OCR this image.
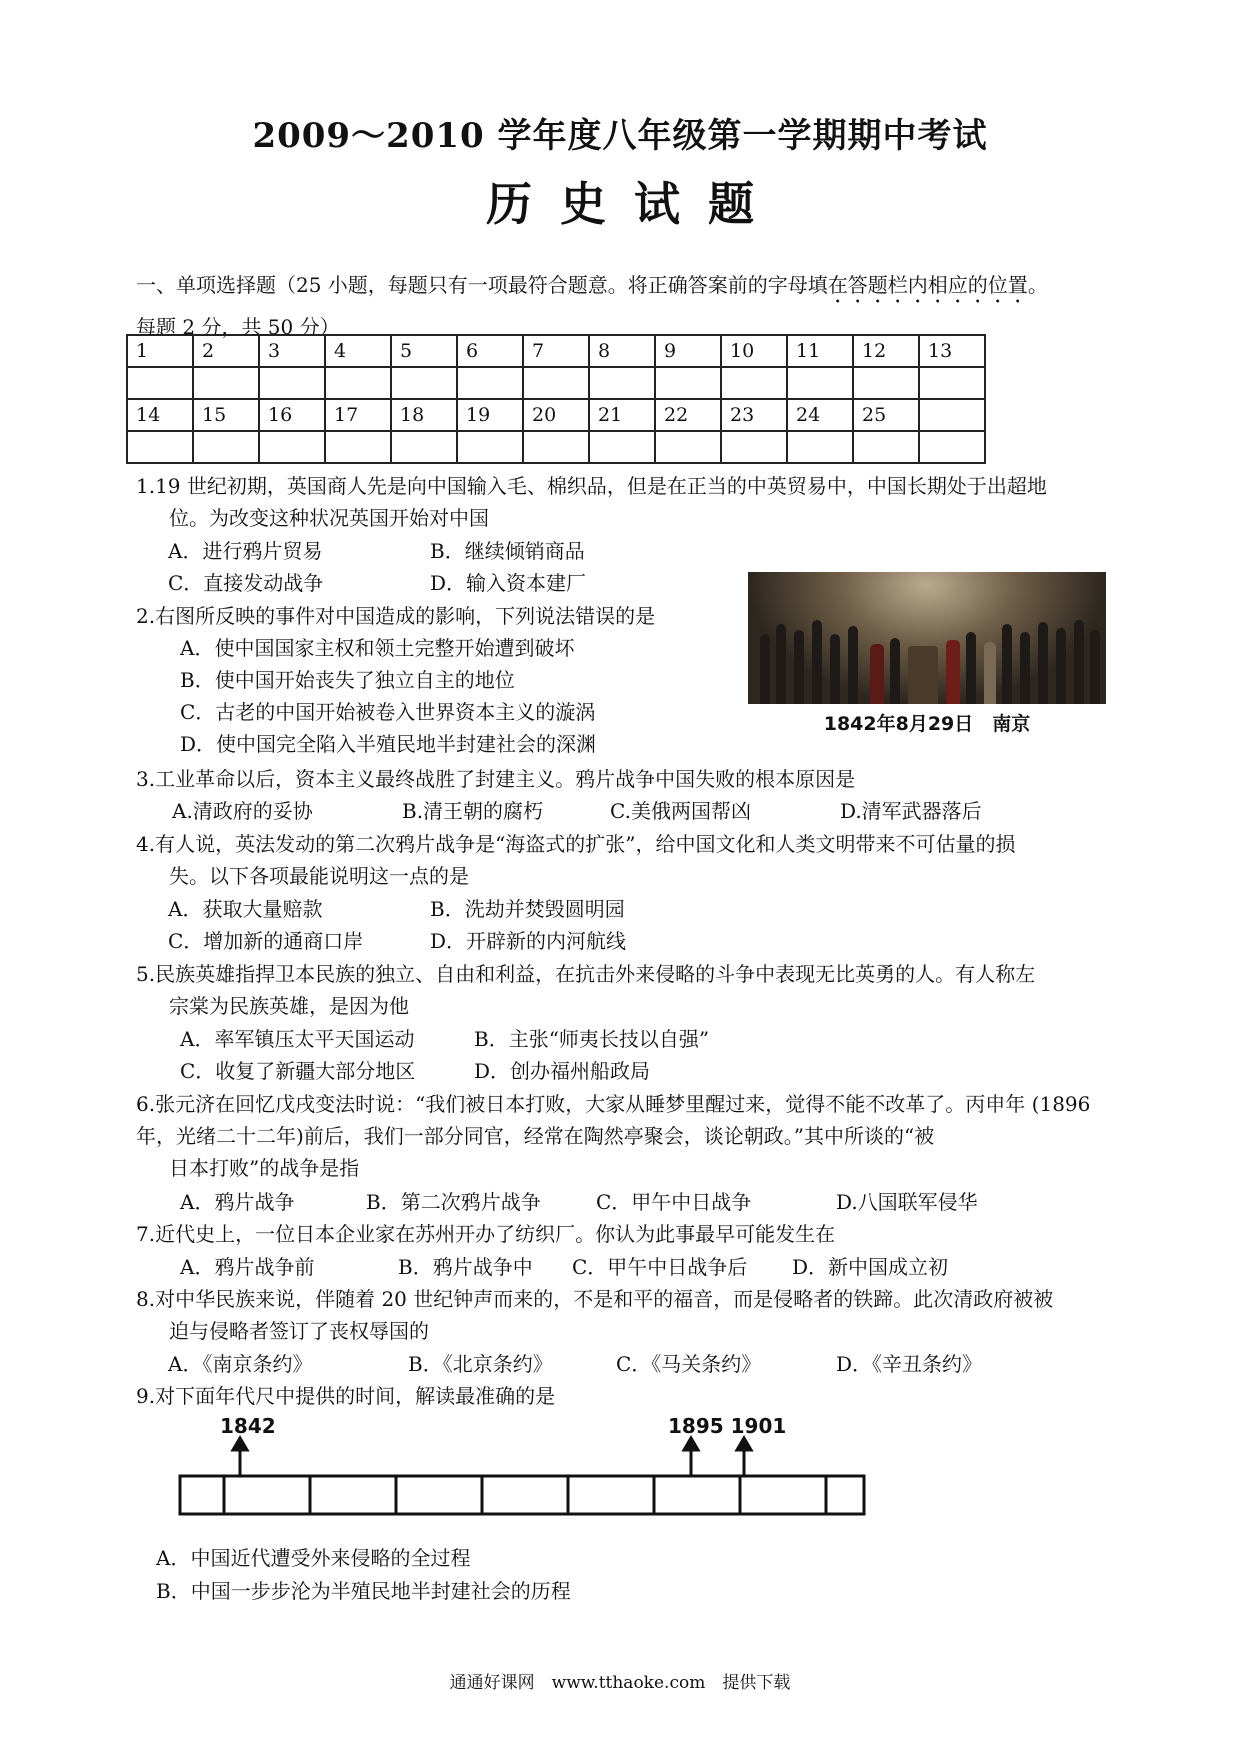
2009～2010 学年度八年级第一学期期中考试
历史试题
一、单项选择题（25 小题，每题只有一项最符合题意。将正确答案前的字母填在答题栏内相应的位置。
每题 2 分，共 50 分）
1	2	3	4	5	6	7	8	9	10	11	12	13

14	15	16	17	18	19	20	21	22	23	24	25	

1.19 世纪初期，英国商人先是向中国输入毛、棉织品，但是在正当的中英贸易中，中国长期处于出超地
位。为改变这种状况英国开始对中国
A．进行鸦片贸易	B．继续倾销商品
C．直接发动战争	D．输入资本建厂
2.右图所反映的事件对中国造成的影响，下列说法错误的是
A．使中国国家主权和领土完整开始遭到破坏
B．使中国开始丧失了独立自主的地位
C．古老的中国开始被卷入世界资本主义的漩涡
D．使中国完全陷入半殖民地半封建社会的深渊
1842年8月29日　南京
3.工业革命以后，资本主义最终战胜了封建主义。鸦片战争中国失败的根本原因是
A.清政府的妥协	B.清王朝的腐朽	C.美俄两国帮凶	D.清军武器落后
4.有人说，英法发动的第二次鸦片战争是“海盗式的扩张”，给中国文化和人类文明带来不可估量的损
失。以下各项最能说明这一点的是
A．获取大量赔款	B．洗劫并焚毁圆明园
C．增加新的通商口岸	D．开辟新的内河航线
5.民族英雄指捍卫本民族的独立、自由和利益，在抗击外来侵略的斗争中表现无比英勇的人。有人称左
宗棠为民族英雄，是因为他
A．率军镇压太平天国运动	B．主张“师夷长技以自强”
C．收复了新疆大部分地区	D．创办福州船政局
6.张元济在回忆戊戌变法时说：“我们被日本打败，大家从睡梦里醒过来，觉得不能不改革了。丙申年 (1896 年，光绪二十二年)前后，我们一部分同官，经常在陶然亭聚会，谈论朝政。”其中所谈的“被
日本打败”的战争是指
A．鸦片战争	B．第二次鸦片战争	C．甲午中日战争	D.八国联军侵华
7.近代史上，一位日本企业家在苏州开办了纺织厂。你认为此事最早可能发生在
A．鸦片战争前	B．鸦片战争中 C．甲午中日战争后 D．新中国成立初
8.对中华民族来说，伴随着 20 世纪钟声而来的，不是和平的福音，而是侵略者的铁蹄。此次清政府被被
迫与侵略者签订了丧权辱国的
A．《南京条约》	B．《北京条约》	C．《马关条约》	D．《辛丑条约》
9.对下面年代尺中提供的时间，解读最准确的是
1842	1895 1901
A．中国近代遭受外来侵略的全过程
B．中国一步步沦为半殖民地半封建社会的历程
通通好课网　www.tthaoke.com　提供下载
